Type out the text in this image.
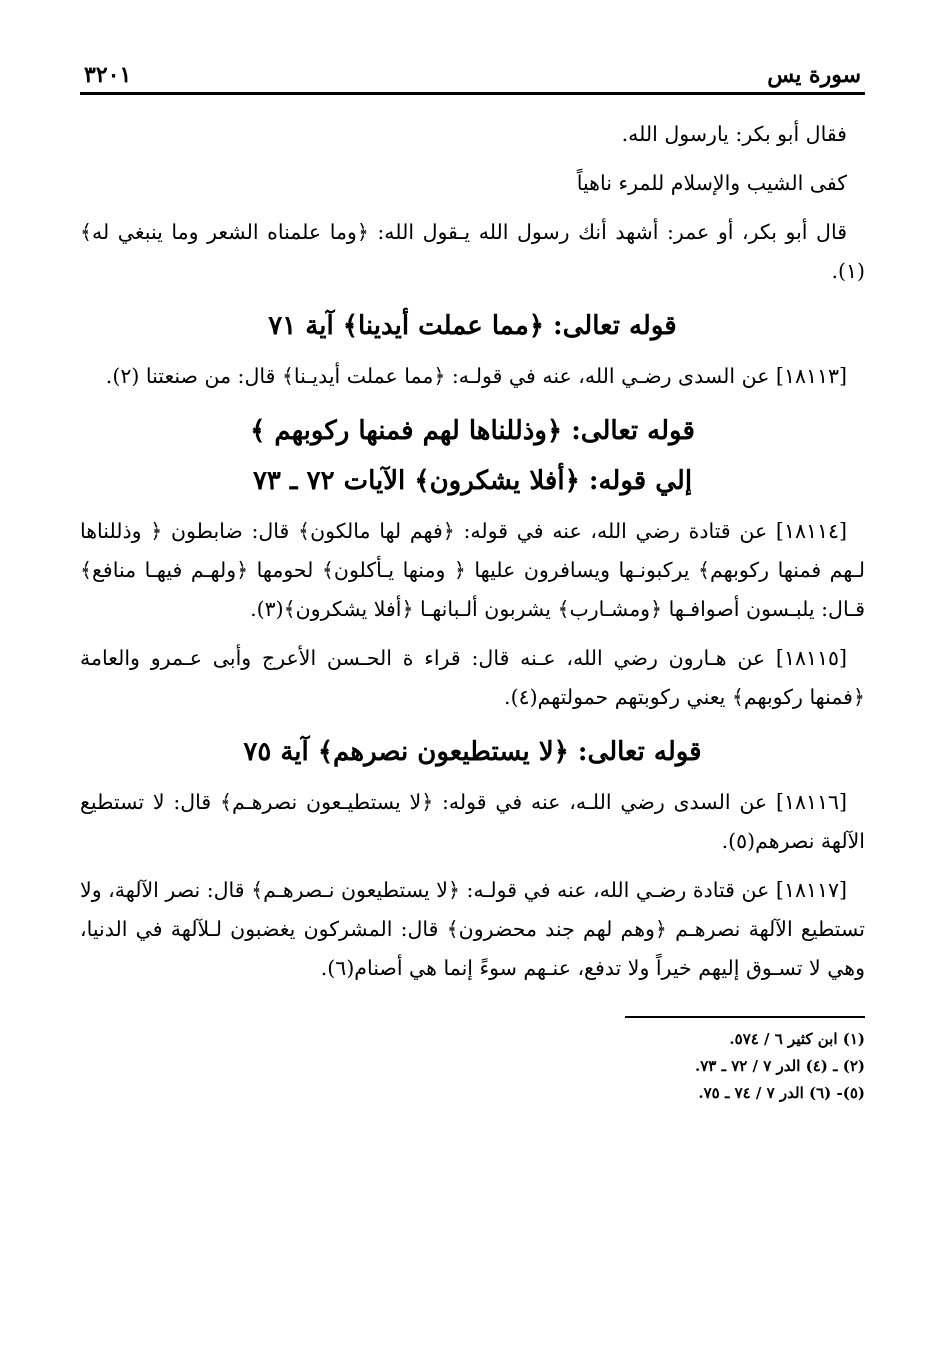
سورة يس
٣٢٠١

فقال أبو بكر: يارسول الله.

كفى الشيب والإسلام للمرء ناهياً

قال أبو بكر، أو عمر: أشهد أنك رسول الله يـقول الله: ﴿وما علمناه الشعر وما ينبغي له﴾(١).

قوله تعالى: ﴿مما عملت أيدينا﴾ آية ٧١

[١٨١١٣] عن السدى رضـي الله، عنه في قولـه: ﴿مما عملت أيديـنا﴾ قال: من صنعتنا (٢).

قوله تعالى: ﴿وذللناها لهم فمنها ركوبهم ﴾
إلي قوله: ﴿أفلا يشكرون﴾ الآيات ٧٢ ـ ٧٣

[١٨١١٤] عن قتادة رضي الله، عنه في قوله: ﴿فهم لها مالكون﴾ قال: ضابطون ﴿ وذللناها لـهم فمنها ركوبهم﴾ يركبونـها ويسافرون عليها ﴿ ومنها يـأكلون﴾ لحومها ﴿ولهـم فيهـا منافع﴾ قـال: يلبـسون أصوافـها ﴿ومشـارب﴾ يشربون ألـبانهـا ﴿أفلا يشكرون﴾(٣).

[١٨١١٥] عن هـارون رضي الله، عـنه قال: قراء ة الحـسن الأعرج وأبى عـمرو والعامة ﴿فمنها ركوبهم﴾ يعني ركوبتهم حمولتهم(٤).

قوله تعالى: ﴿لا يستطيعون نصرهم﴾ آية ٧٥

[١٨١١٦] عن السدى رضي اللـه، عنه في قوله: ﴿لا يستطيـعون نصرهـم﴾ قال: لا تستطيع الآلهة نصرهم(٥).

[١٨١١٧] عن قتادة رضـي الله، عنه في قولـه: ﴿لا يستطيعون نـصرهـم﴾ قال: نصر الآلهة، ولا تستطيع الآلهة نصرهـم ﴿وهم لهم جند محضرون﴾ قال: المشركون يغضبون لـلآلهة في الدنيا، وهي لا تسـوق إليهم خيراً ولا تدفع، عنـهم سوءً إنما هي أصنام(٦).

(١) ابن كثير ٦ / ٥٧٤.
(٢) ـ (٤) الدر ٧ / ٧٢ ـ ٧٣.
(٥)- (٦) الدر ٧ / ٧٤ ـ ٧٥.
